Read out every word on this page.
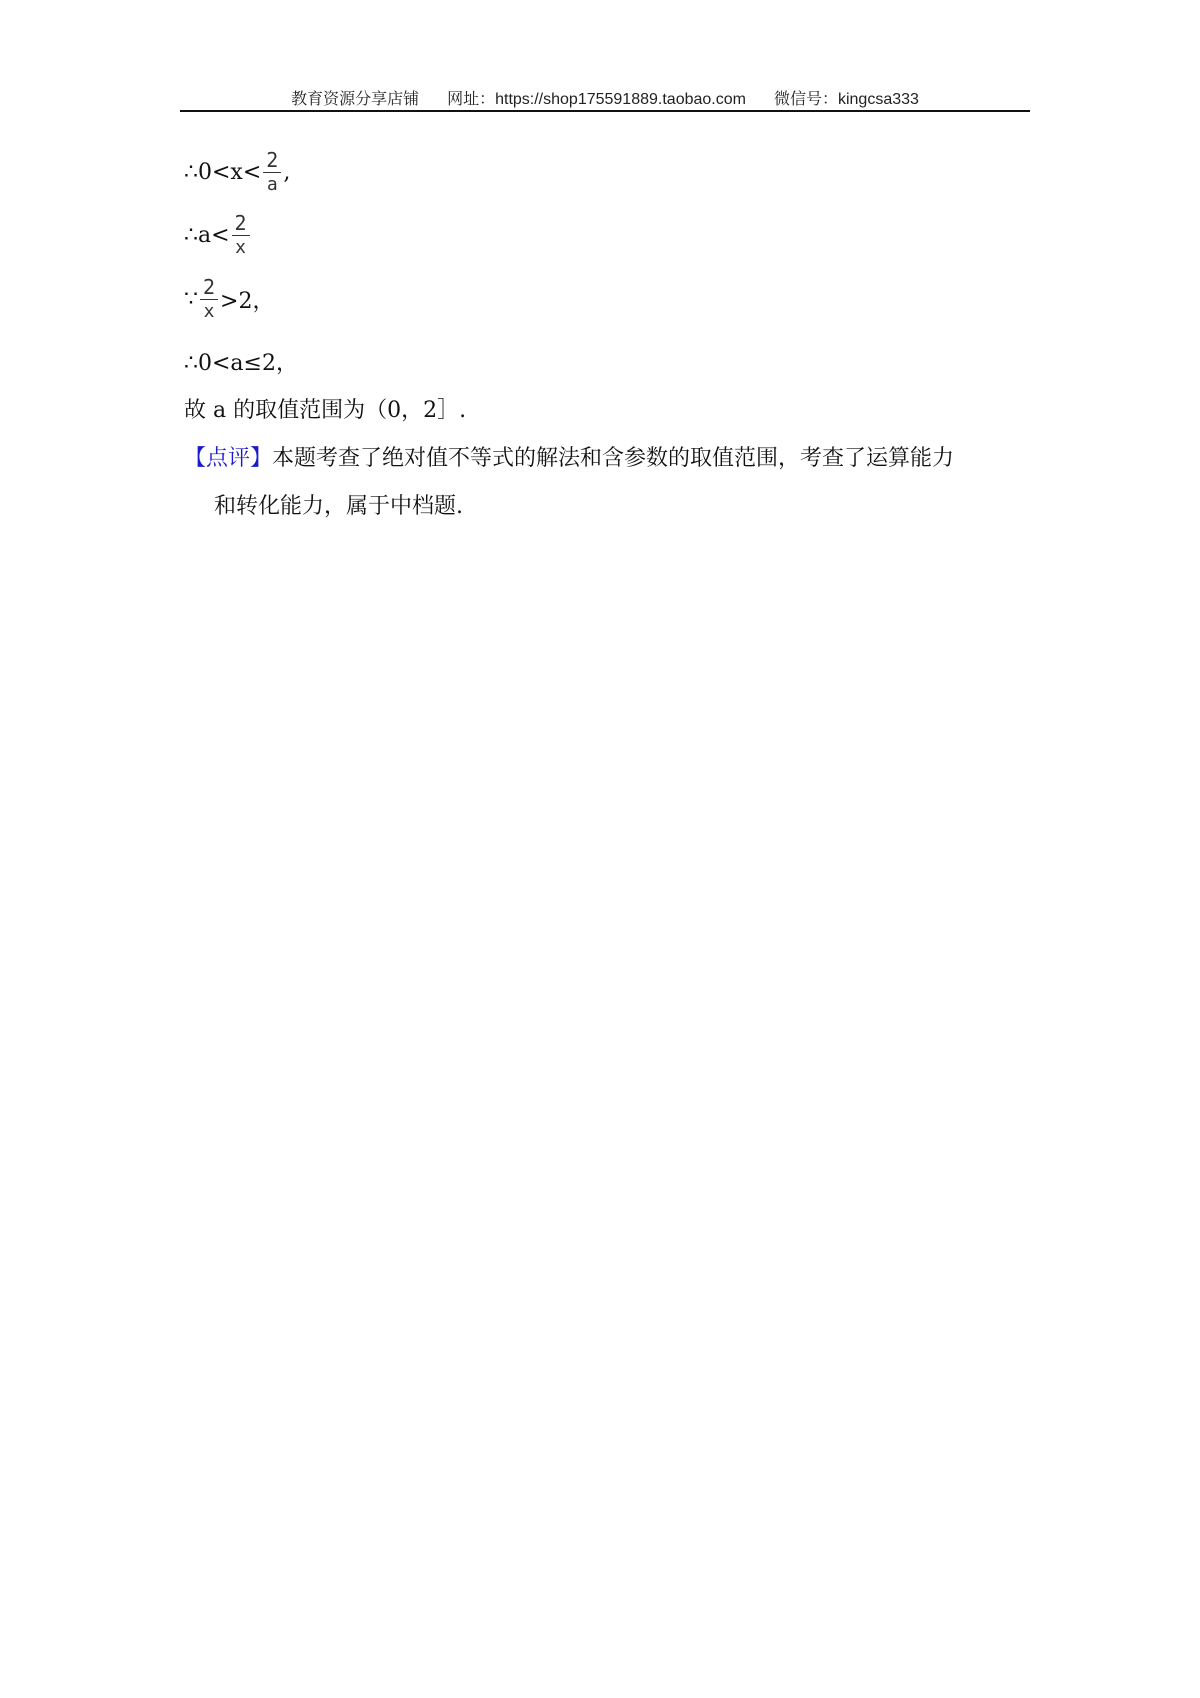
教育资源分享店铺 网址：https://shop175591889.taobao.com 微信号：kingcsa333
∴0<x< $\frac{2}{a}$ ,
∴a< $\frac{2}{x}$
∵ $\frac{2}{x} >2$，
∴0<a≤2，
故 a 的取值范围为（0，2］.
【点评】本题考查了绝对值不等式的解法和含参数的取值范围，考查了运算能力
和转化能力，属于中档题.
